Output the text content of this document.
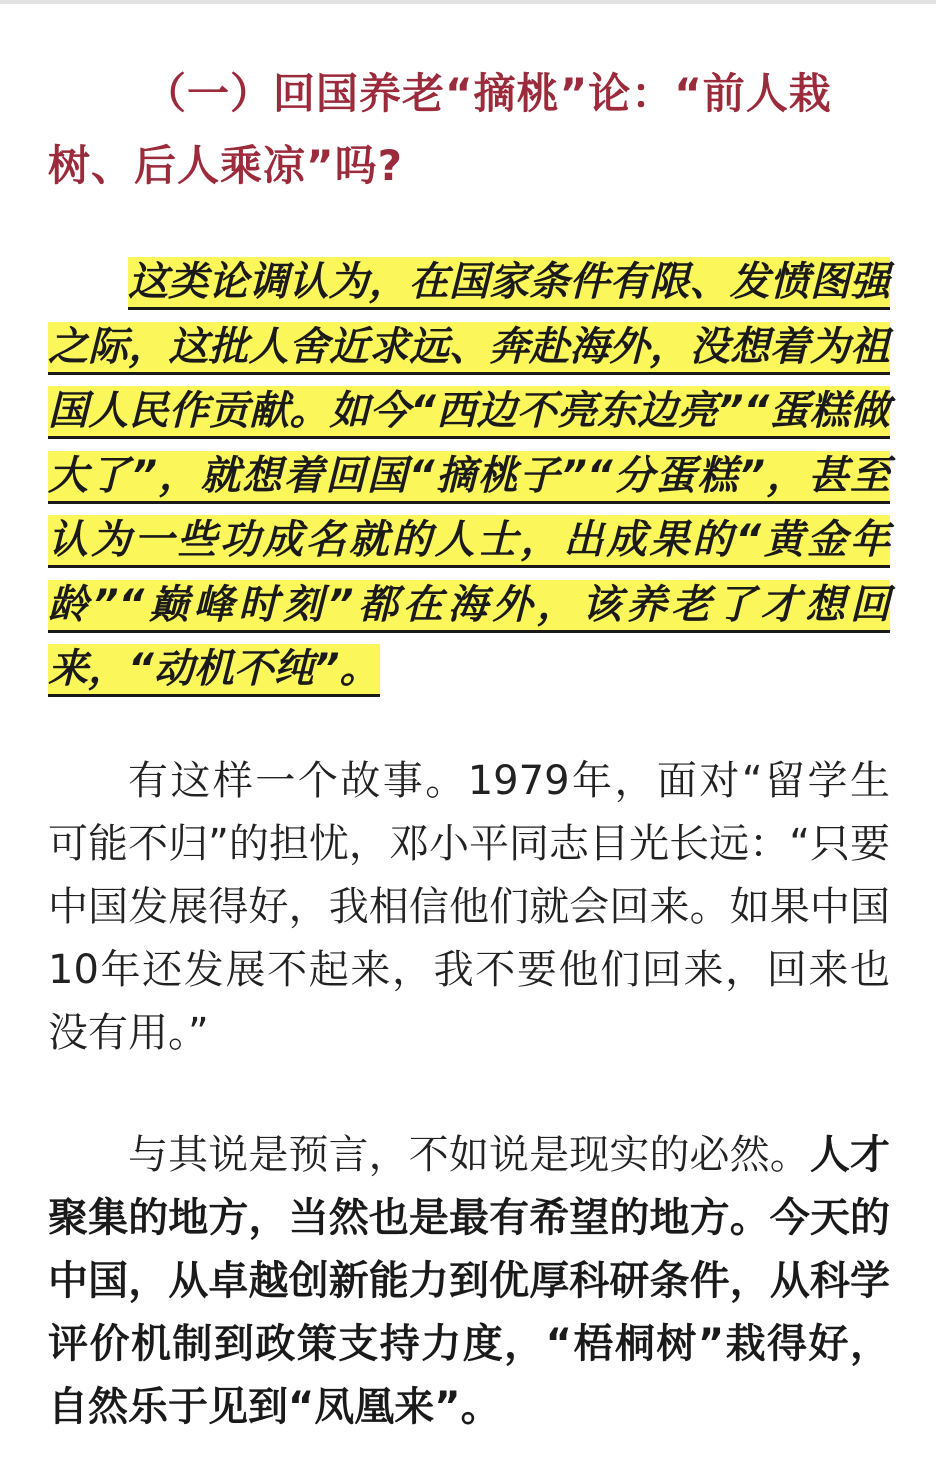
（一）回国养老“摘桃”论：“前人栽树、后人乘凉”吗?

这类论调认为，在国家条件有限、发愤图强之际，这批人舍近求远、奔赴海外，没想着为祖国人民作贡献。如今“西边不亮东边亮”“蛋糕做大了”，就想着回国“摘桃子”“分蛋糕”，甚至认为一些功成名就的人士，出成果的“黄金年龄”“巅峰时刻”都在海外，该养老了才想回来，“动机不纯”。

有这样一个故事。1979年，面对“留学生可能不归”的担忧，邓小平同志目光长远：“只要中国发展得好，我相信他们就会回来。如果中国10年还发展不起来，我不要他们回来，回来也没有用。”

与其说是预言，不如说是现实的必然。人才聚集的地方，当然也是最有希望的地方。今天的中国，从卓越创新能力到优厚科研条件，从科学评价机制到政策支持力度，“梧桐树”栽得好，自然乐于见到“凤凰来”。
